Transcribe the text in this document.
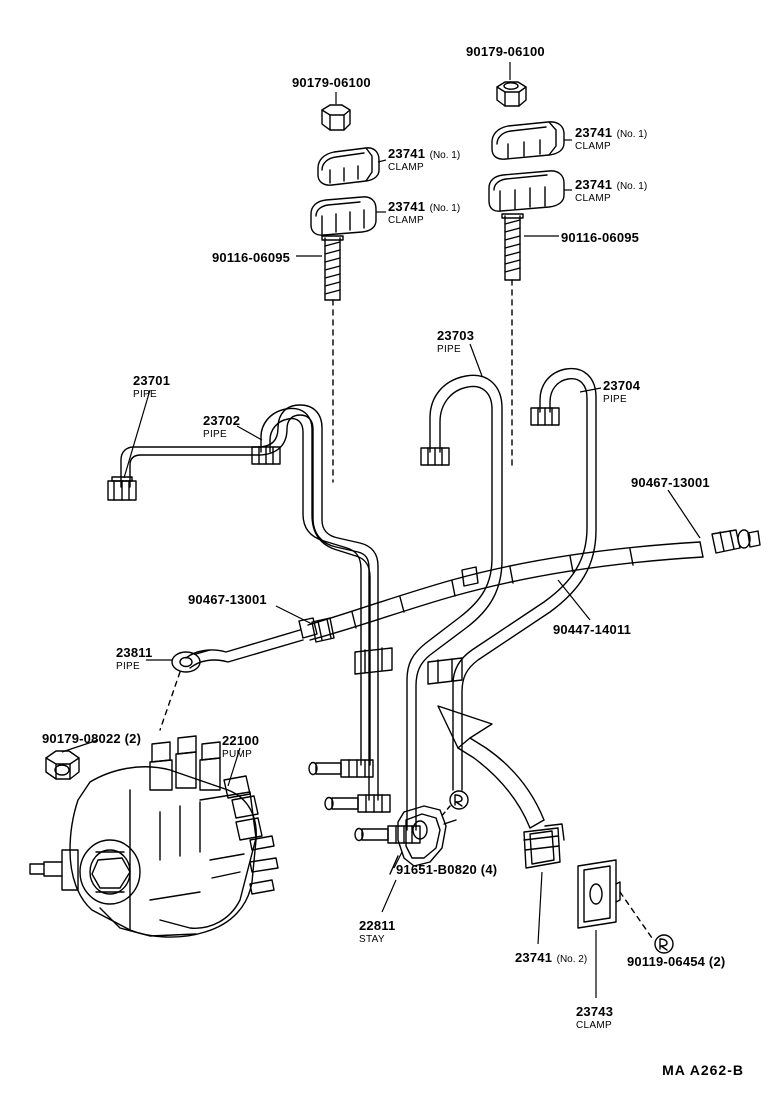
90179-06100
90179-06100
23741 (No. 1)
CLAMP
23741 (No. 1)
CLAMP
23741 (No. 1)
CLAMP
23741 (No. 1)
CLAMP
90116-06095
90116-06095
23703
PIPE
23704
PIPE
23701
PIPE
23702
PIPE
90467-13001
90467-13001
90447-14011
23811
PIPE
90179-08022 (2)	22100
PUMP
91651-B0820 (4)
22811
STAY
23741 (No. 2)	90119-06454 (2)
23743
CLAMP
MA A262-B
